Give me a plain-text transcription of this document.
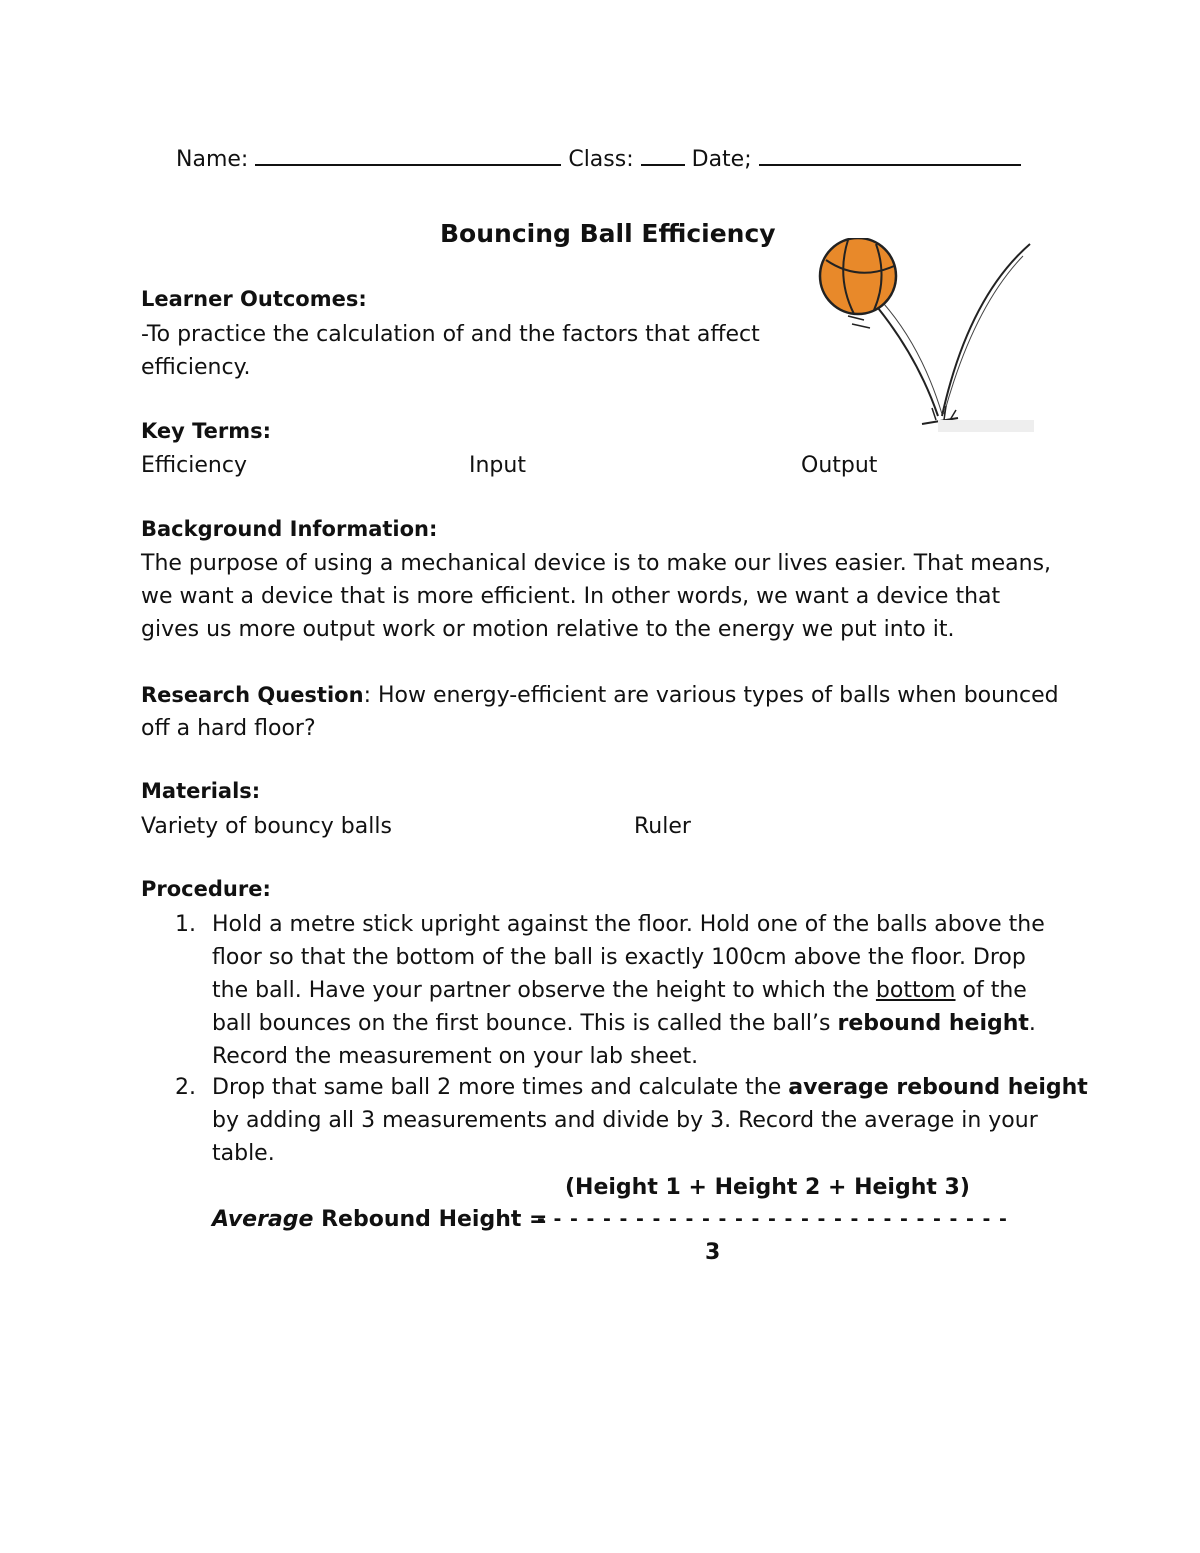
Name:	Class:	Date;
Bouncing Ball Efficiency
Learner Outcomes:
-To practice the calculation of and the factors that affect
efficiency.
Key Terms:
Efficiency	Input	Output
Background Information:
The purpose of using a mechanical device is to make our lives easier. That means,
we want a device that is more efficient. In other words, we want a device that
gives us more output work or motion relative to the energy we put into it.
Research Question: How energy-efficient are various types of balls when bounced
off a hard floor?
Materials:
Variety of bouncy balls	Ruler
Procedure:
1. Hold a metre stick upright against the floor. Hold one of the balls above the
floor so that the bottom of the ball is exactly 100cm above the floor. Drop
the ball. Have your partner observe the height to which the bottom of the
ball bounces on the first bounce. This is called the ball’s rebound height.
Record the measurement on your lab sheet.
2. Drop that same ball 2 more times and calculate the average rebound height
by adding all 3 measurements and divide by 3. Record the average in your
table.
(Height 1 + Height 2 + Height 3)
Average Rebound Height =
- - - - - - - - - - - - - - - - - - - - - - - - - - - - -
3
